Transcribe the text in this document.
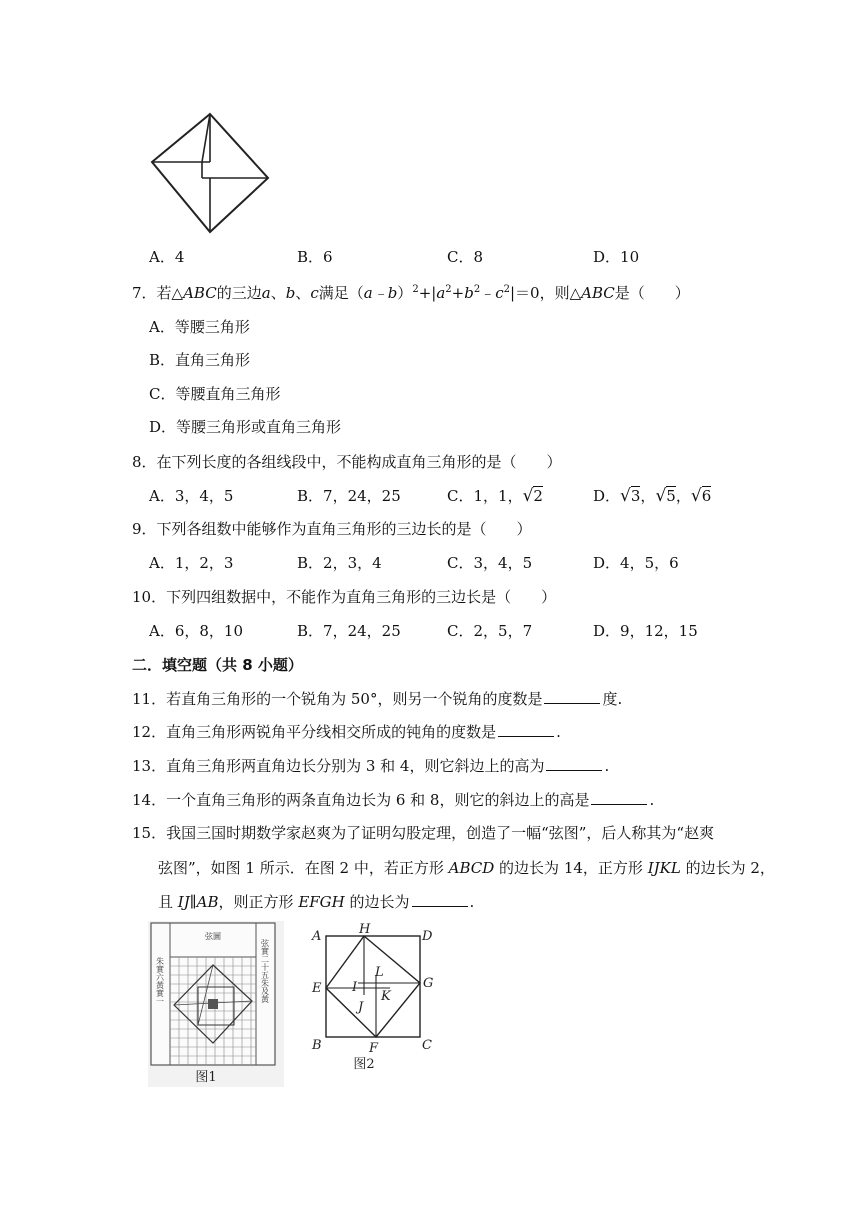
A．4	B．6	C．8	D．10
7．若△ABC的三边a、b、c满足$(a﹣b)^2+|a^2+b^2﹣c^2|=0$，则△ABC是（　　）
A．等腰三角形
B．直角三角形
C．等腰直角三角形
D．等腰三角形或直角三角形
8．在下列长度的各组线段中，不能构成直角三角形的是（　　）
A．3，4，5	B．7，24，25	C．1，1，√2	D．√3，√5，√6
9．下列各组数中能够作为直角三角形的三边长的是（　　）
A．1，2，3	B．2，3，4	C．3，4，5	D．4，5，6
10．下列四组数据中，不能作为直角三角形的三边长是（　　）
A．6，8，10	B．7，24，25	C．2，5，7	D．9，12，15
二．填空题（共 8 小题）
11．若直角三角形的一个锐角为 50°，则另一个锐角的度数是	度.
12．直角三角形两锐角平分线相交所成的钝角的度数是	.
13．直角三角形两直角边长分别为 3 和 4，则它斜边上的高为	.
14．一个直角三角形的两条直角边长为 6 和 8，则它的斜边上的高是	.
15．我国三国时期数学家赵爽为了证明勾股定理，创造了一幅“弦图”，后人称其为“赵爽
弦图”，如图 1 所示．在图 2 中，若正方形 ABCD 的边长为 14，正方形 IJKL 的边长为 2，
且 IJ∥AB，则正方形 EFGH 的边长为	.
弦圖
朱實六黃實一	弦實二十五朱及黃
图1
A
B	C
D
E
F
G
H
I
J
K
L
图2
